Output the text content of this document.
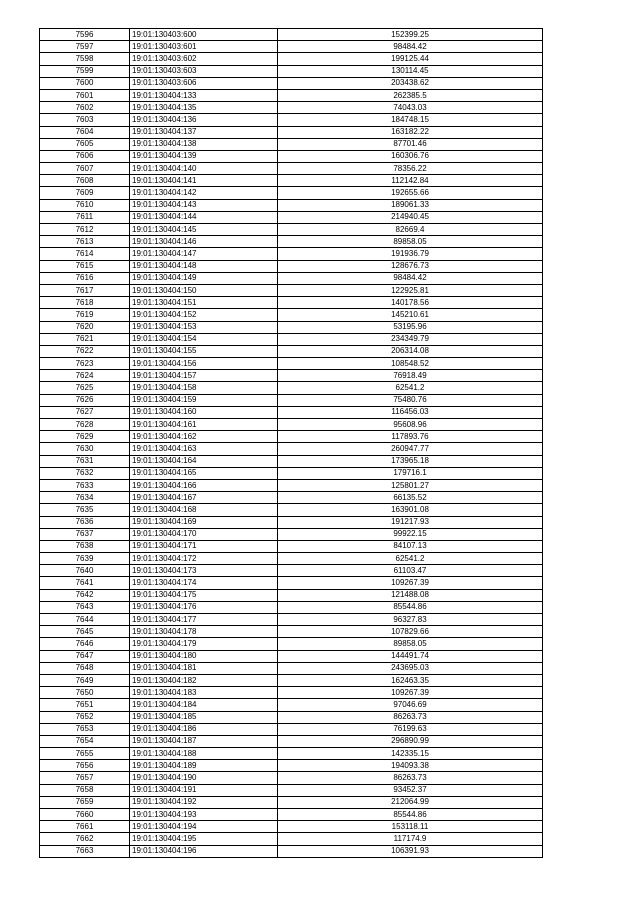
7596	19:01:130403:600	152399.25
7597	19:01:130403:601	98484.42
7598	19:01:130403:602	199125.44
7599	19:01:130403:603	130114.45
7600	19:01:130403:606	203438.62
7601	19:01:130404:133	262385.5
7602	19:01:130404:135	74043.03
7603	19:01:130404:136	184748.15
7604	19:01:130404:137	163182.22
7605	19:01:130404:138	87701.46
7606	19:01:130404:139	160306.76
7607	19:01:130404:140	78356.22
7608	19:01:130404:141	112142.84
7609	19:01:130404:142	192655.66
7610	19:01:130404:143	189061.33
7611	19:01:130404:144	214940.45
7612	19:01:130404:145	82669.4
7613	19:01:130404:146	89858.05
7614	19:01:130404:147	191936.79
7615	19:01:130404:148	128676.73
7616	19:01:130404:149	98484.42
7617	19:01:130404:150	122925.81
7618	19:01:130404:151	140178.56
7619	19:01:130404:152	145210.61
7620	19:01:130404:153	53195.96
7621	19:01:130404:154	234349.79
7622	19:01:130404:155	206314.08
7623	19:01:130404:156	108548.52
7624	19:01:130404:157	76918.49
7625	19:01:130404:158	62541.2
7626	19:01:130404:159	75480.76
7627	19:01:130404:160	116456.03
7628	19:01:130404:161	95608.96
7629	19:01:130404:162	117893.76
7630	19:01:130404:163	260947.77
7631	19:01:130404:164	173965.18
7632	19:01:130404:165	179716.1
7633	19:01:130404:166	125801.27
7634	19:01:130404:167	66135.52
7635	19:01:130404:168	163901.08
7636	19:01:130404:169	191217.93
7637	19:01:130404:170	99922.15
7638	19:01:130404:171	84107.13
7639	19:01:130404:172	62541.2
7640	19:01:130404:173	61103.47
7641	19:01:130404:174	109267.39
7642	19:01:130404:175	121488.08
7643	19:01:130404:176	85544.86
7644	19:01:130404:177	96327.83
7645	19:01:130404:178	107829.66
7646	19:01:130404:179	89858.05
7647	19:01:130404:180	144491.74
7648	19:01:130404:181	243695.03
7649	19:01:130404:182	162463.35
7650	19:01:130404:183	109267.39
7651	19:01:130404:184	97046.69
7652	19:01:130404:185	86263.73
7653	19:01:130404:186	76199.63
7654	19:01:130404:187	296890.99
7655	19:01:130404:188	142335.15
7656	19:01:130404:189	194093.38
7657	19:01:130404:190	86263.73
7658	19:01:130404:191	93452.37
7659	19:01:130404:192	212064.99
7660	19:01:130404:193	85544.86
7661	19:01:130404:194	153118.11
7662	19:01:130404:195	117174.9
7663	19:01:130404:196	106391.93
